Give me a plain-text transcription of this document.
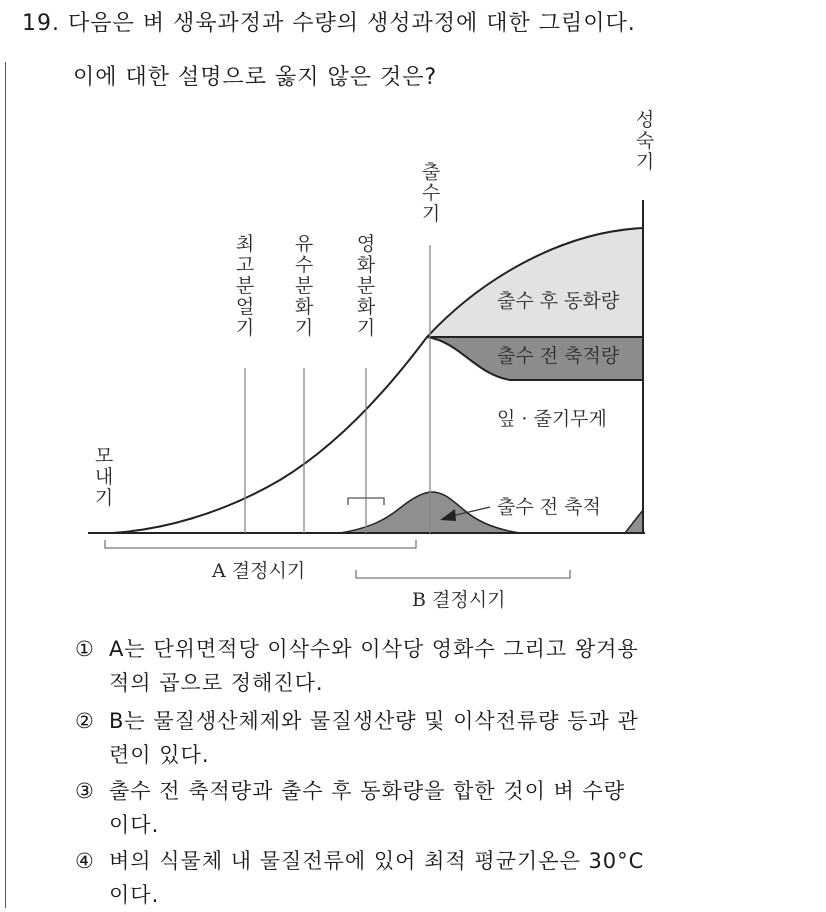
19. 다음은 벼 생육과정과 수량의 생성과정에 대한 그림이다.
이에 대한 설명으로 옳지 않은 것은?
모 내 기
최 고 분 얼 기
유 수 분 화 기
영 화 분 화 기
출 수 기
성 숙 기
출수 후 동화량
출수 전 축적량
잎 · 줄기무게
출수 전 축적
A 결정시기
B 결정시기
① A는 단위면적당 이삭수와 이삭당 영화수 그리고 왕겨용
적의 곱으로 정해진다.
② B는 물질생산체제와 물질생산량 및 이삭전류량 등과 관
련이 있다.
③ 출수 전 축적량과 출수 후 동화량을 합한 것이 벼 수량
이다.
④ 벼의 식물체 내 물질전류에 있어 최적 평균기온은 30°C
이다.
